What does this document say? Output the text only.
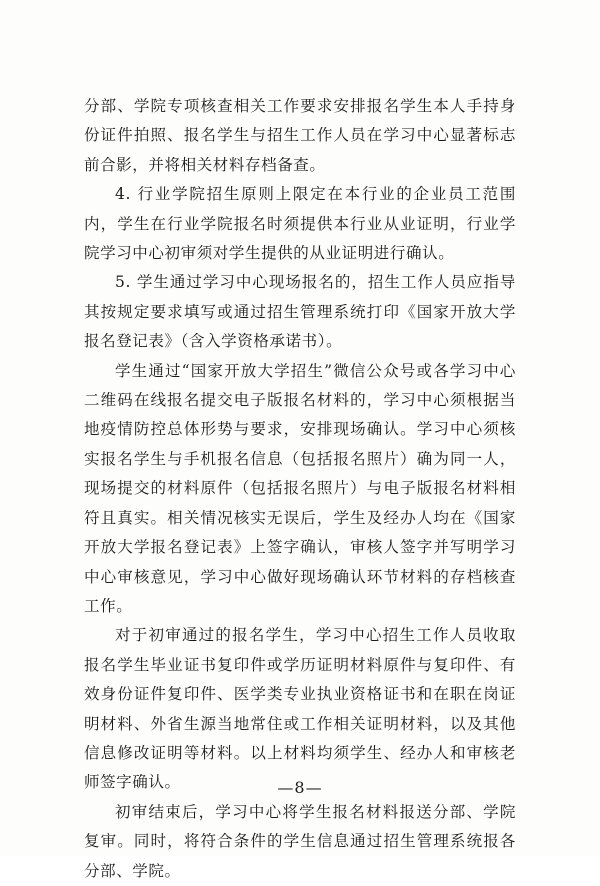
分部、学院专项核查相关工作要求安排报名学生本人手持身份证件拍照、报名学生与招生工作人员在学习中心显著标志前合影，并将相关材料存档备查。

4. 行业学院招生原则上限定在本行业的企业员工范围内，学生在行业学院报名时须提供本行业从业证明，行业学院学习中心初审须对学生提供的从业证明进行确认。

5. 学生通过学习中心现场报名的，招生工作人员应指导其按规定要求填写或通过招生管理系统打印《国家开放大学报名登记表》（含入学资格承诺书）。

学生通过“国家开放大学招生”微信公众号或各学习中心二维码在线报名提交电子版报名材料的，学习中心须根据当地疫情防控总体形势与要求，安排现场确认。学习中心须核实报名学生与手机报名信息（包括报名照片）确为同一人，现场提交的材料原件（包括报名照片）与电子版报名材料相符且真实。相关情况核实无误后，学生及经办人均在《国家开放大学报名登记表》上签字确认，审核人签字并写明学习中心审核意见，学习中心做好现场确认环节材料的存档核查工作。

对于初审通过的报名学生，学习中心招生工作人员收取报名学生毕业证书复印件或学历证明材料原件与复印件、有效身份证件复印件、医学类专业执业资格证书和在职在岗证明材料、外省生源当地常住或工作相关证明材料，以及其他信息修改证明等材料。以上材料均须学生、经办人和审核老师签字确认。

初审结束后，学习中心将学生报名材料报送分部、学院复审。同时，将符合条件的学生信息通过招生管理系统报各分部、学院。

—8—
